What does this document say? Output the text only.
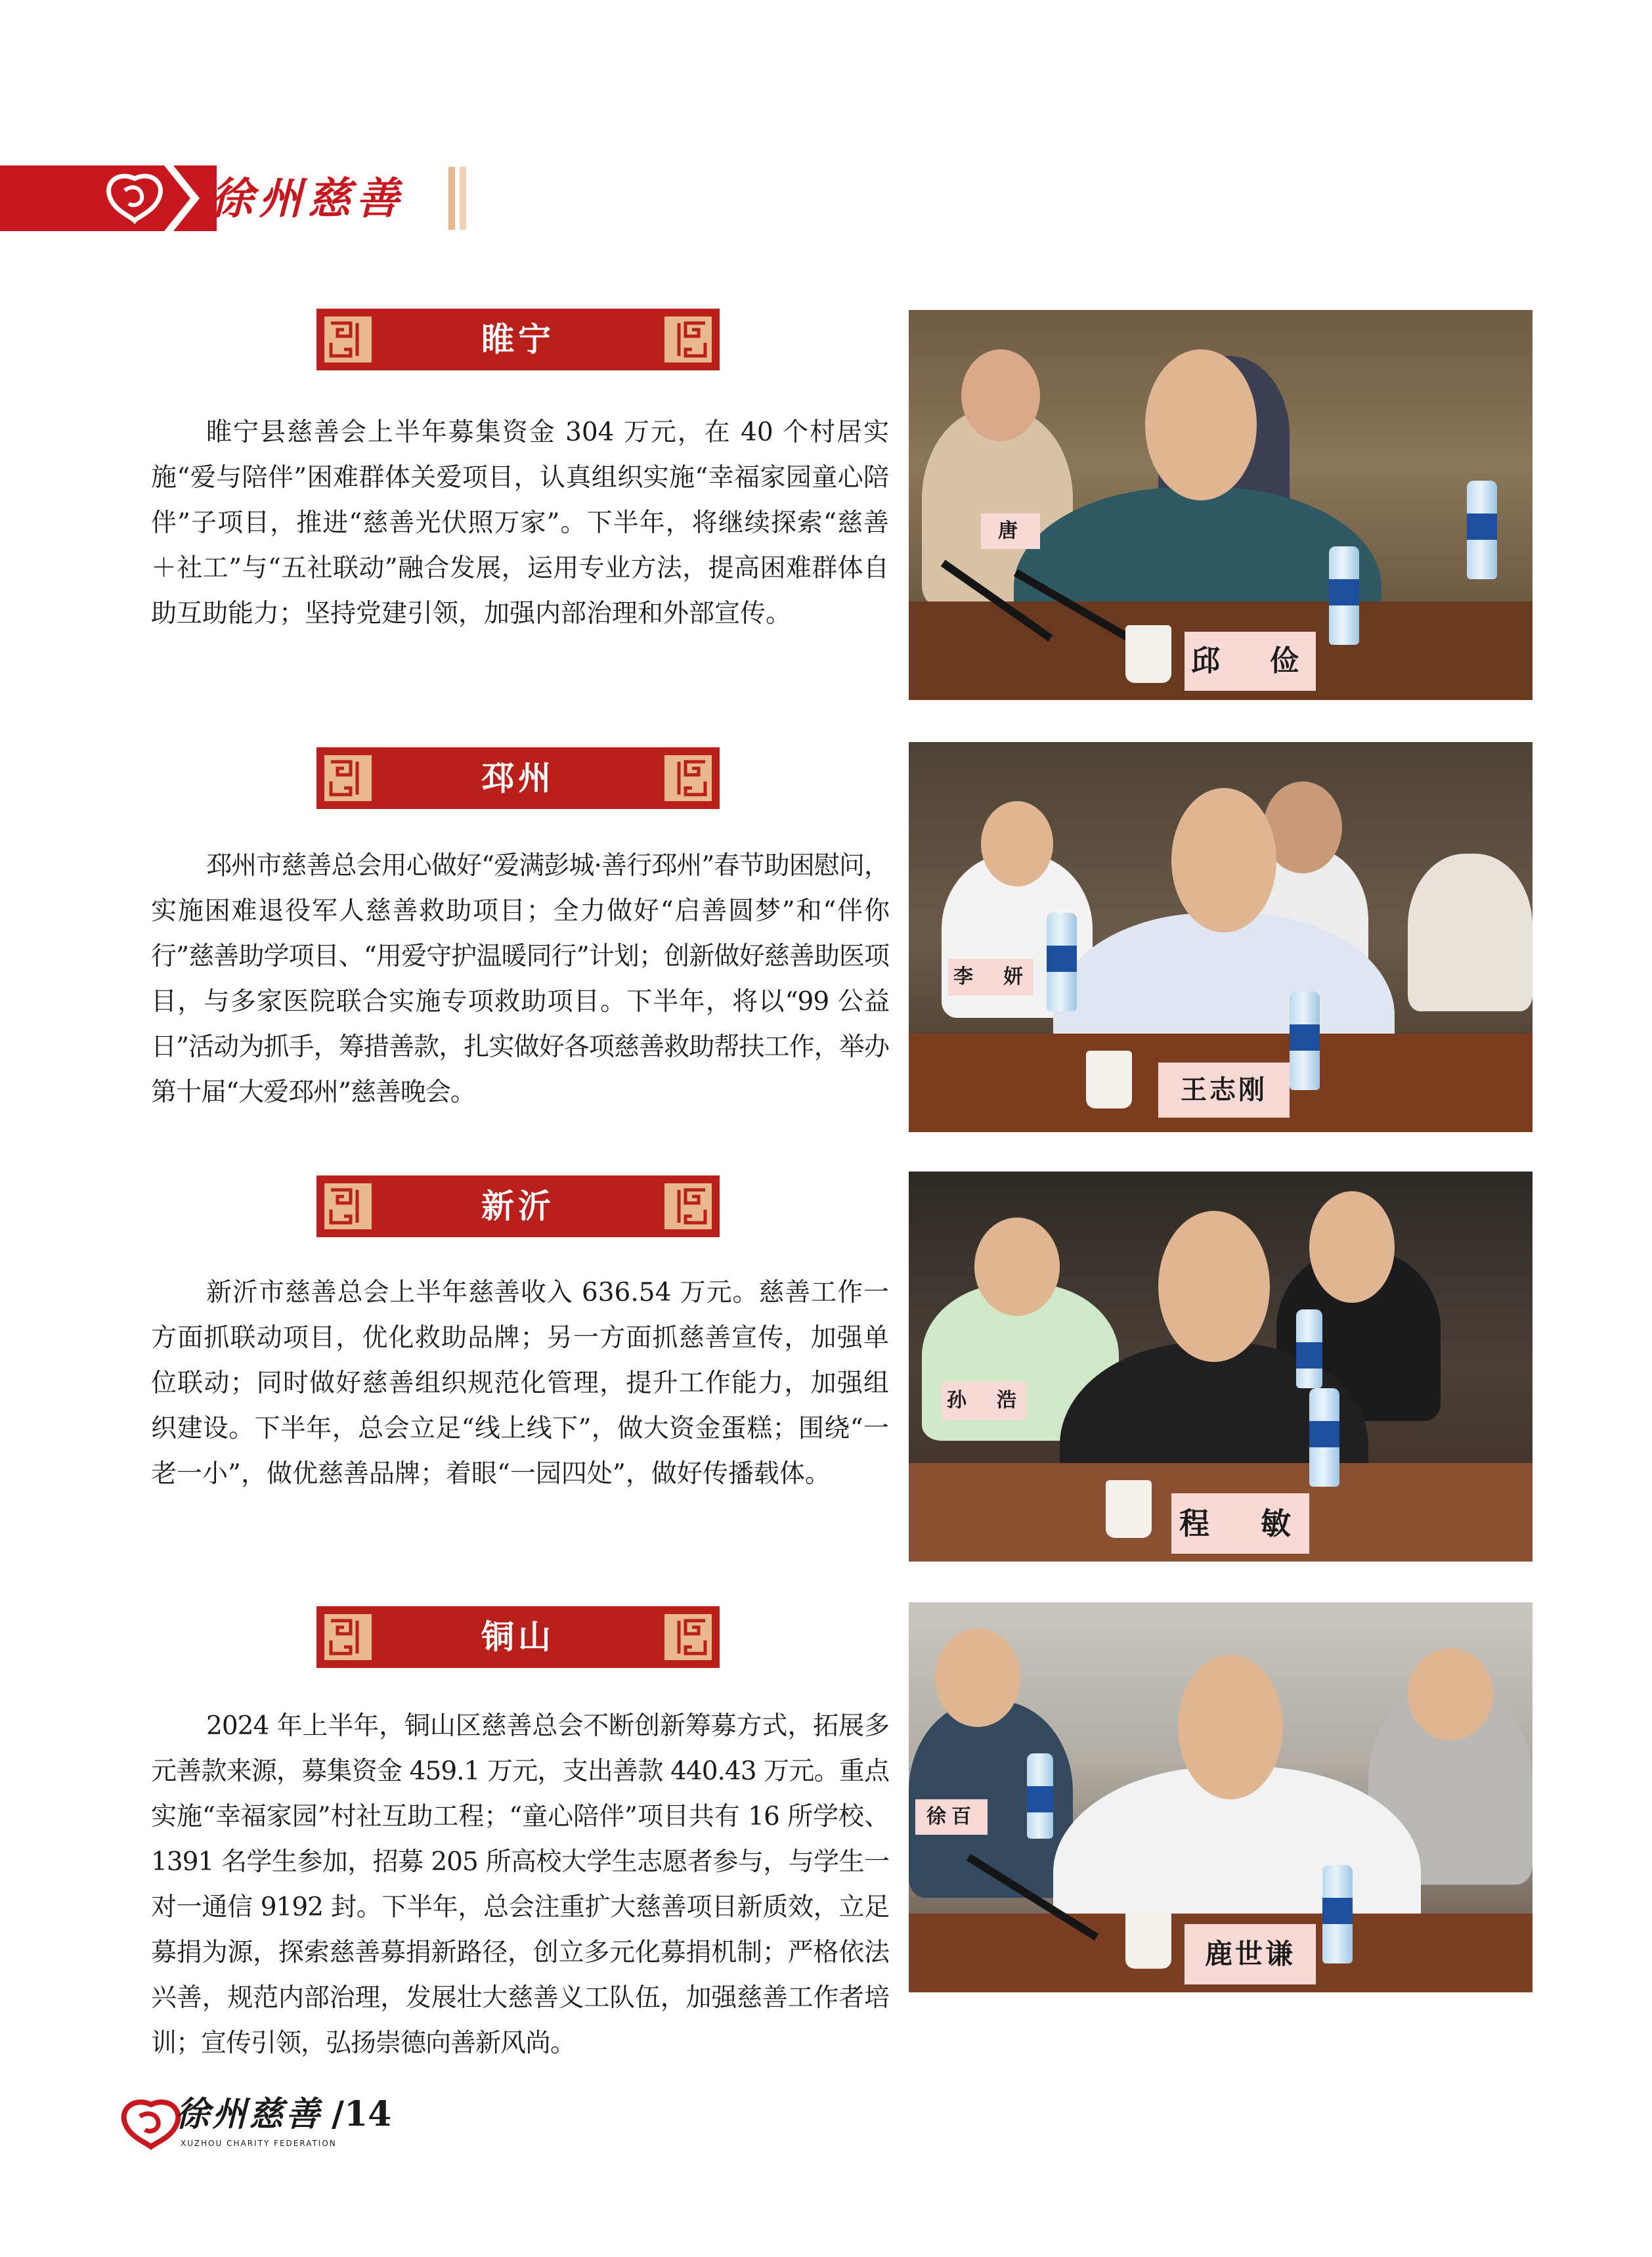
徐州慈善
睢宁

睢宁县慈善会上半年募集资金 304 万元，在 40 个村居实施“爱与陪伴”困难群体关爱项目，认真组织实施“幸福家园童心陪伴”子项目，推进“慈善光伏照万家”。下半年，将继续探索“慈善＋社工”与“五社联动”融合发展，运用专业方法，提高困难群体自助互助能力；坚持党建引领，加强内部治理和外部宣传。

唐
邱　俭
邳州

邳州市慈善总会用心做好“爱满彭城·善行邳州”春节助困慰问，实施困难退役军人慈善救助项目；全力做好“启善圆梦”和“伴你行”慈善助学项目、“用爱守护温暖同行”计划；创新做好慈善助医项目，与多家医院联合实施专项救助项目。下半年，将以“99 公益日”活动为抓手，筹措善款，扎实做好各项慈善救助帮扶工作，举办第十届“大爱邳州”慈善晚会。

李　妍
王志刚
新沂

新沂市慈善总会上半年慈善收入 636.54 万元。慈善工作一方面抓联动项目，优化救助品牌；另一方面抓慈善宣传，加强单位联动；同时做好慈善组织规范化管理，提升工作能力，加强组织建设。下半年，总会立足“线上线下”，做大资金蛋糕；围绕“一老一小”，做优慈善品牌；着眼“一园四处”，做好传播载体。

孙　浩
程　敏
铜山

2024 年上半年，铜山区慈善总会不断创新筹募方式，拓展多元善款来源，募集资金 459.1 万元，支出善款 440.43 万元。重点实施“幸福家园”村社互助工程；“童心陪伴”项目共有 16 所学校、1391 名学生参加，招募 205 所高校大学生志愿者参与，与学生一对一通信 9192 封。下半年，总会注重扩大慈善项目新质效，立足募捐为源，探索慈善募捐新路径，创立多元化募捐机制；严格依法兴善，规范内部治理，发展壮大慈善义工队伍，加强慈善工作者培训；宣传引领，弘扬崇德向善新风尚。

徐百
鹿世谦
徐州慈善
XUZHOU CHARITY FEDERATION
/14
